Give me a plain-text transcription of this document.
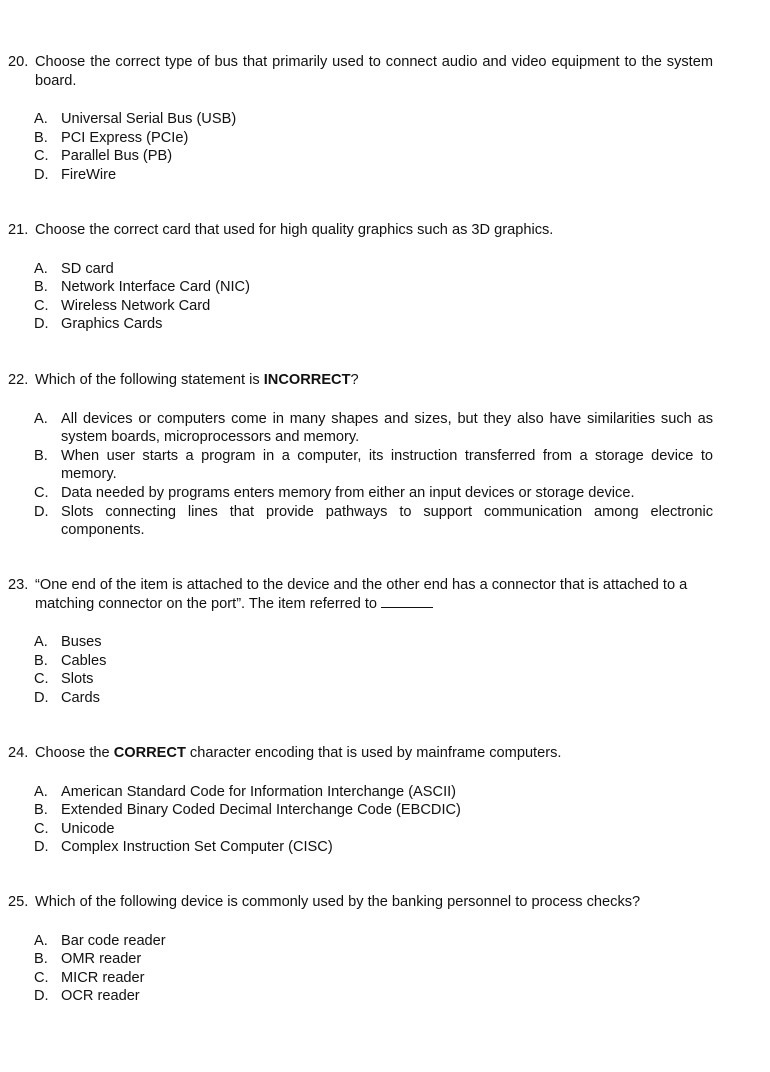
20. Choose the correct type of bus that primarily used to connect audio and video equipment to the system board.
A. Universal Serial Bus (USB)
B. PCI Express (PCIe)
C. Parallel Bus (PB)
D. FireWire
21. Choose the correct card that used for high quality graphics such as 3D graphics.
A. SD card
B. Network Interface Card (NIC)
C. Wireless Network Card
D. Graphics Cards
22. Which of the following statement is INCORRECT?
A. All devices or computers come in many shapes and sizes, but they also have similarities such as system boards, microprocessors and memory.
B. When user starts a program in a computer, its instruction transferred from a storage device to memory.
C. Data needed by programs enters memory from either an input devices or storage device.
D. Slots connecting lines that provide pathways to support communication among electronic components.
23. “One end of the item is attached to the device and the other end has a connector that is attached to a matching connector on the port”. The item referred to
A. Buses
B. Cables
C. Slots
D. Cards
24. Choose the CORRECT character encoding that is used by mainframe computers.
A. American Standard Code for Information Interchange (ASCII)
B. Extended Binary Coded Decimal Interchange Code (EBCDIC)
C. Unicode
D. Complex Instruction Set Computer (CISC)
25. Which of the following device is commonly used by the banking personnel to process checks?
A. Bar code reader
B. OMR reader
C. MICR reader
D. OCR reader
